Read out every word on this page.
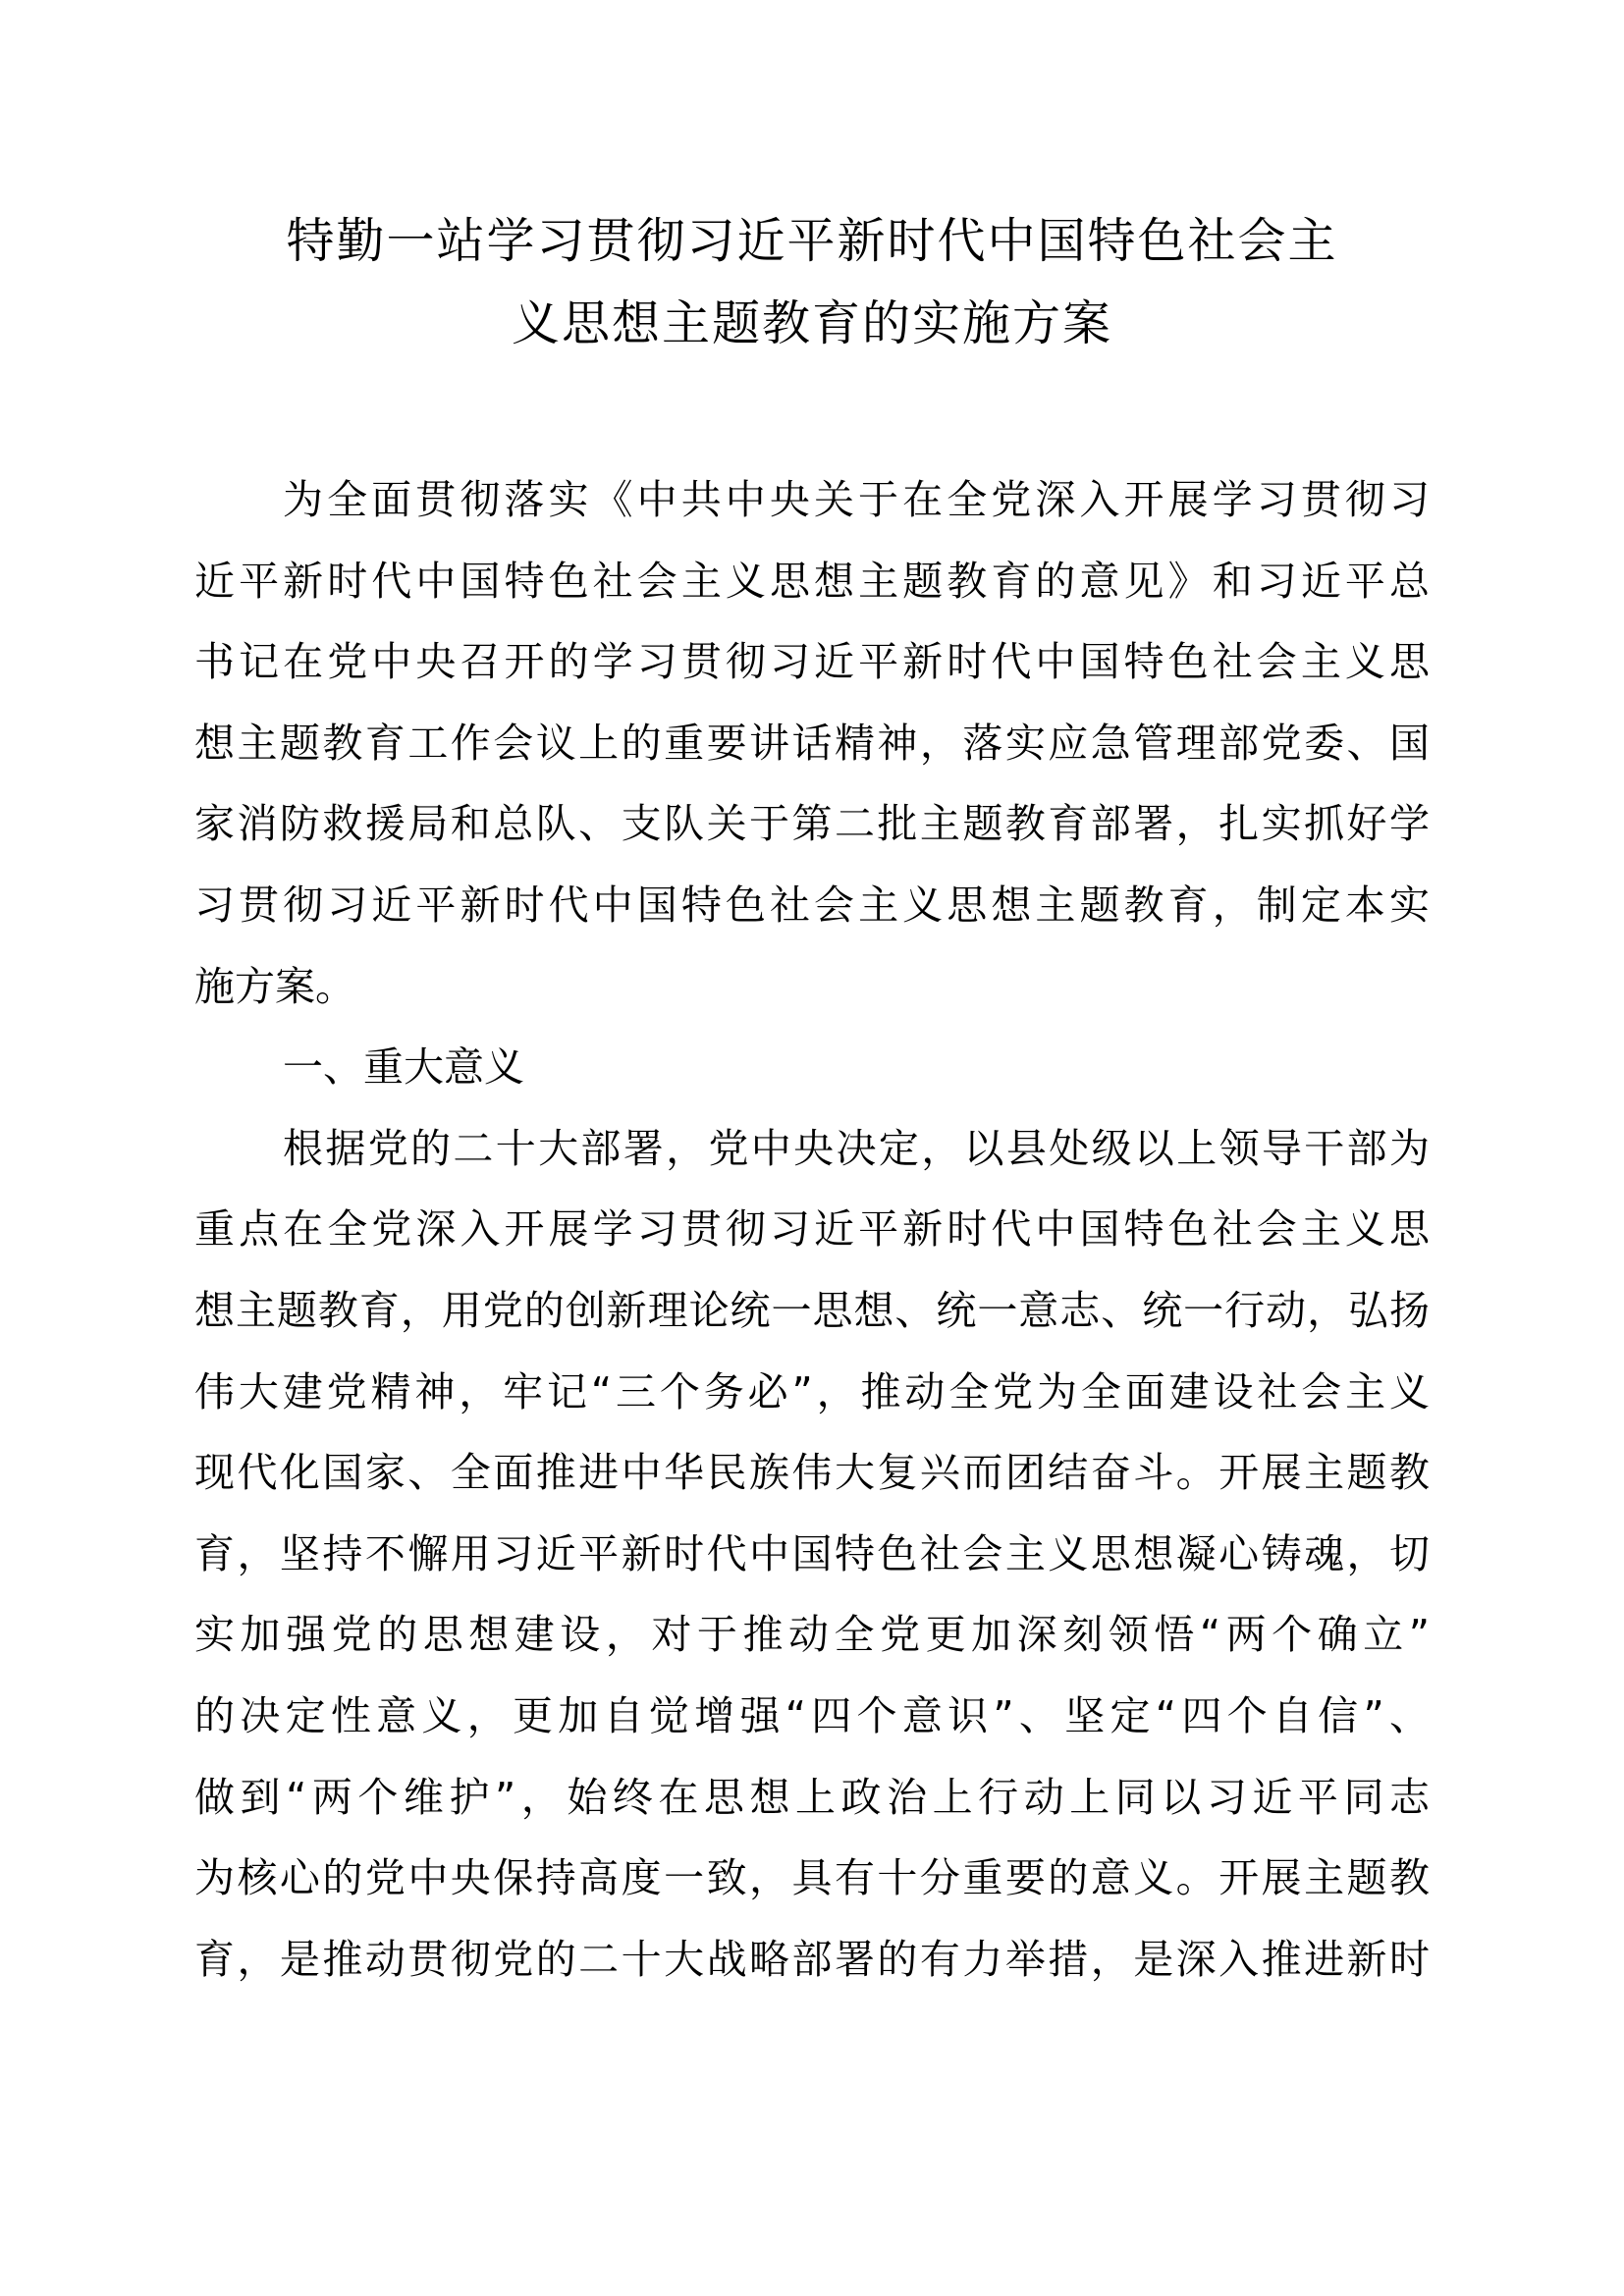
特勤一站学习贯彻习近平新时代中国特色社会主
义思想主题教育的实施方案
为全面贯彻落实《中共中央关于在全党深入开展学习贯彻习
近平新时代中国特色社会主义思想主题教育的意见》和习近平总
书记在党中央召开的学习贯彻习近平新时代中国特色社会主义思
想主题教育工作会议上的重要讲话精神，落实应急管理部党委、国
家消防救援局和总队、支队关于第二批主题教育部署，扎实抓好学
习贯彻习近平新时代中国特色社会主义思想主题教育，制定本实
施方案。
一、重大意义
根据党的二十大部署，党中央决定，以县处级以上领导干部为
重点在全党深入开展学习贯彻习近平新时代中国特色社会主义思
想主题教育，用党的创新理论统一思想、统一意志、统一行动，弘扬
伟大建党精神，牢记“三个务必”，推动全党为全面建设社会主义
现代化国家、全面推进中华民族伟大复兴而团结奋斗。开展主题教
育，坚持不懈用习近平新时代中国特色社会主义思想凝心铸魂，切
实加强党的思想建设，对于推动全党更加深刻领悟“两个确立”
的决定性意义，更加自觉增强“四个意识”、坚定“四个自信”、
做到“两个维护”，始终在思想上政治上行动上同以习近平同志
为核心的党中央保持高度一致，具有十分重要的意义。开展主题教
育，是推动贯彻党的二十大战略部署的有力举措，是深入推进新时
